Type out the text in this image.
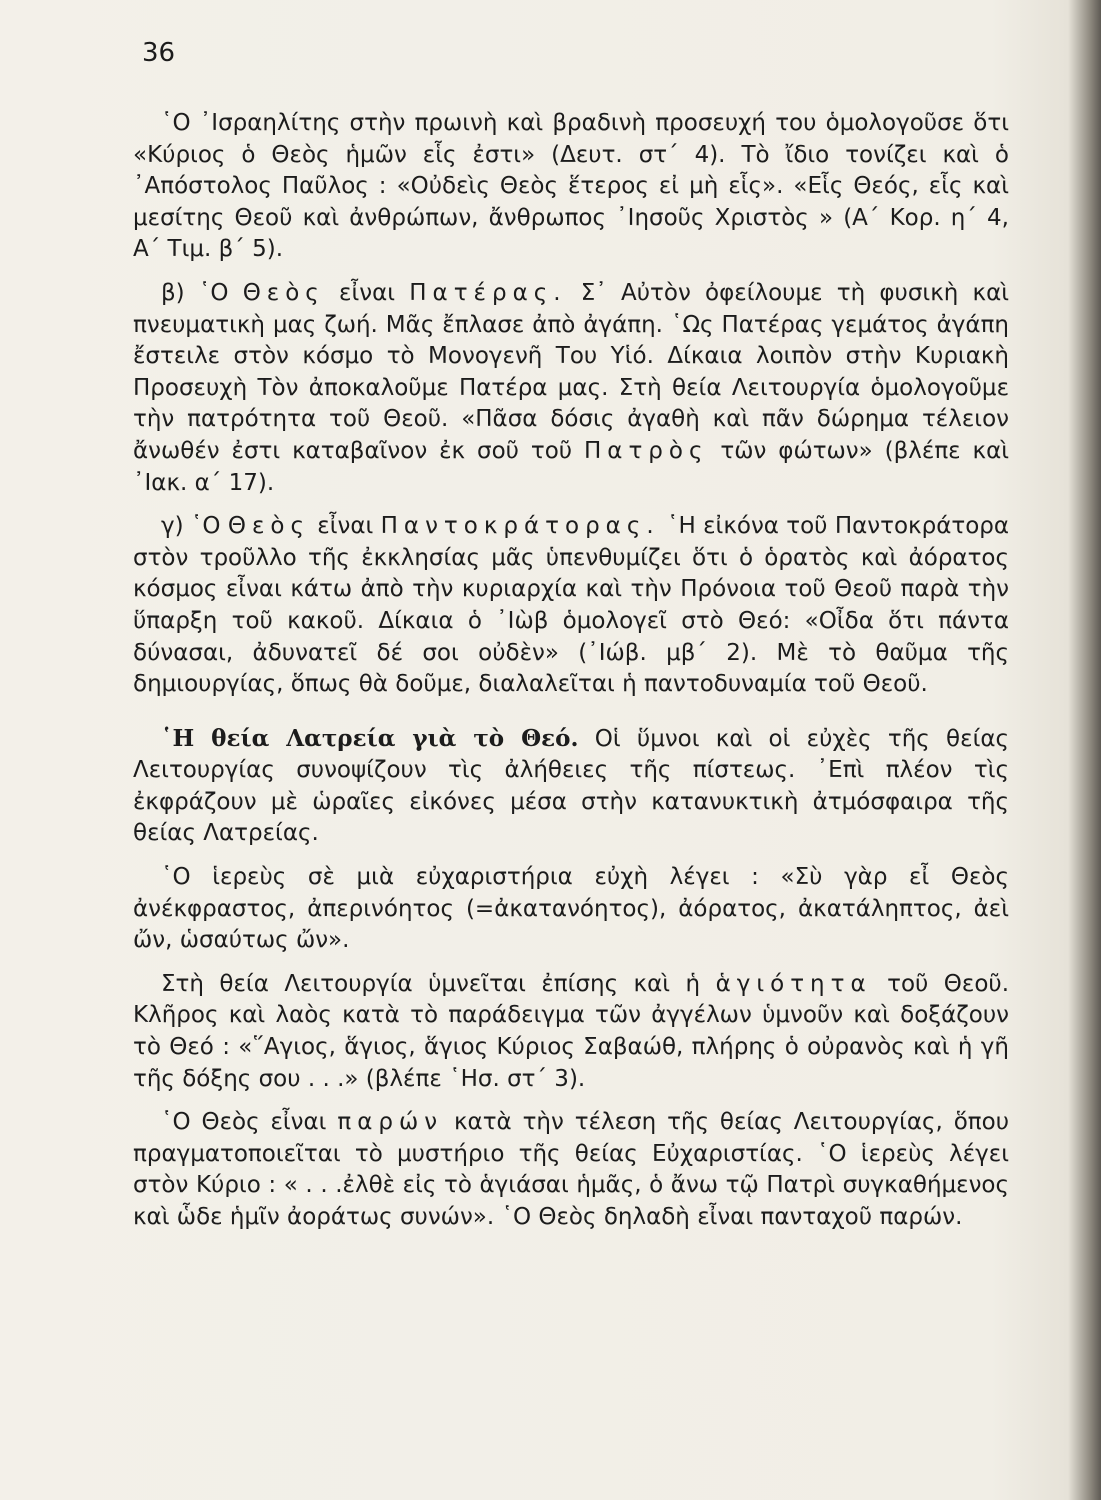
36

῾Ο ᾿Ισραηλίτης στὴν πρωινὴ καὶ βραδινὴ προσευχή του ὁμολογοῦσε ὅτι «Κύριος ὁ Θεὸς ἡμῶν εἷς ἐστι» (Δευτ. στ΄ 4). Τὸ ἴδιο τονίζει καὶ ὁ ᾿Απόστολος Παῦλος : «Οὐδεὶς Θεὸς ἕτερος εἰ μὴ εἷς». «Εἷς Θεός, εἷς καὶ μεσίτης Θεοῦ καὶ ἀνθρώπων, ἄνθρωπος ᾿Ιησοῦς Χριστὸς » (Α΄ Κορ. η΄ 4, Α΄ Τιμ. β΄ 5).

β) ῾Ο Θεὸς εἶναι Πατέρας. Σ᾿ Αὐτὸν ὀφείλουμε τὴ φυσικὴ καὶ πνευματικὴ μας ζωή. Μᾶς ἔπλασε ἀπὸ ἀγάπη. ῾Ως Πατέρας γεμάτος ἀγάπη ἔστειλε στὸν κόσμο τὸ Μονογενῆ Του Υἱό. Δίκαια λοιπὸν στὴν Κυριακὴ Προσευχὴ Τὸν ἀποκαλοῦμε Πατέρα μας. Στὴ θεία Λειτουργία ὁμολογοῦμε τὴν πατρότητα τοῦ Θεοῦ. «Πᾶσα δόσις ἀγαθὴ καὶ πᾶν δώρημα τέλειον ἄνωθέν ἐστι καταβαῖνον ἐκ σοῦ τοῦ Πατρὸς τῶν φώτων» (βλέπε καὶ ᾿Ιακ. α΄ 17).

γ) ῾Ο Θεὸς εἶναι Παντοκράτορας. ῾Η εἰκόνα τοῦ Παντοκράτορα στὸν τροῦλλο τῆς ἐκκλησίας μᾶς ὑπενθυμίζει ὅτι ὁ ὁρατὸς καὶ ἀόρατος κόσμος εἶναι κάτω ἀπὸ τὴν κυριαρχία καὶ τὴν Πρόνοια τοῦ Θεοῦ παρὰ τὴν ὕπαρξη τοῦ κακοῦ. Δίκαια ὁ ᾿Ιὼβ ὁμολογεῖ στὸ Θεό: «Οἶδα ὅτι πάντα δύνασαι, ἀδυνατεῖ δέ σοι οὐδὲν» (᾿Ιώβ. μβ΄ 2). Μὲ τὸ θαῦμα τῆς δημιουργίας, ὅπως θὰ δοῦμε, διαλαλεῖται ἡ παντοδυναμία τοῦ Θεοῦ.

῾Η θεία Λατρεία γιὰ τὸ Θεό. Οἱ ὕμνοι καὶ οἱ εὐχὲς τῆς θείας Λειτουργίας συνοψίζουν τὶς ἀλήθειες τῆς πίστεως. ᾿Επὶ πλέον τὶς ἐκφράζουν μὲ ὡραῖες εἰκόνες μέσα στὴν κατανυκτικὴ ἀτμόσφαιρα τῆς θείας Λατρείας.

῾Ο ἱερεὺς σὲ μιὰ εὐχαριστήρια εὐχὴ λέγει : «Σὺ γὰρ εἶ Θεὸς ἀνέκφραστος, ἀπερινόητος (=ἀκατανόητος), ἀόρατος, ἀκατάληπτος, ἀεὶ ὤν, ὡσαύτως ὤν».

Στὴ θεία Λειτουργία ὑμνεῖται ἐπίσης καὶ ἡ ἁγιότητα τοῦ Θεοῦ. Κλῆρος καὶ λαὸς κατὰ τὸ παράδειγμα τῶν ἀγγέλων ὑμνοῦν καὶ δοξάζουν τὸ Θεό : «῞Αγιος, ἅγιος, ἅγιος Κύριος Σαβαώθ, πλήρης ὁ οὐρανὸς καὶ ἡ γῆ τῆς δόξης σου . . .» (βλέπε ῾Ησ. στ΄ 3).

῾Ο Θεὸς εἶναι παρών κατὰ τὴν τέλεση τῆς θείας Λειτουργίας, ὅπου πραγματοποιεῖται τὸ μυστήριο τῆς θείας Εὐχαριστίας. ῾Ο ἱερεὺς λέγει στὸν Κύριο : « . . .ἐλθὲ εἰς τὸ ἁγιάσαι ἡμᾶς, ὁ ἄνω τῷ Πατρὶ συγκαθήμενος καὶ ὧδε ἡμῖν ἀοράτως συνών». ῾Ο Θεὸς δηλαδὴ εἶναι πανταχοῦ παρών.
